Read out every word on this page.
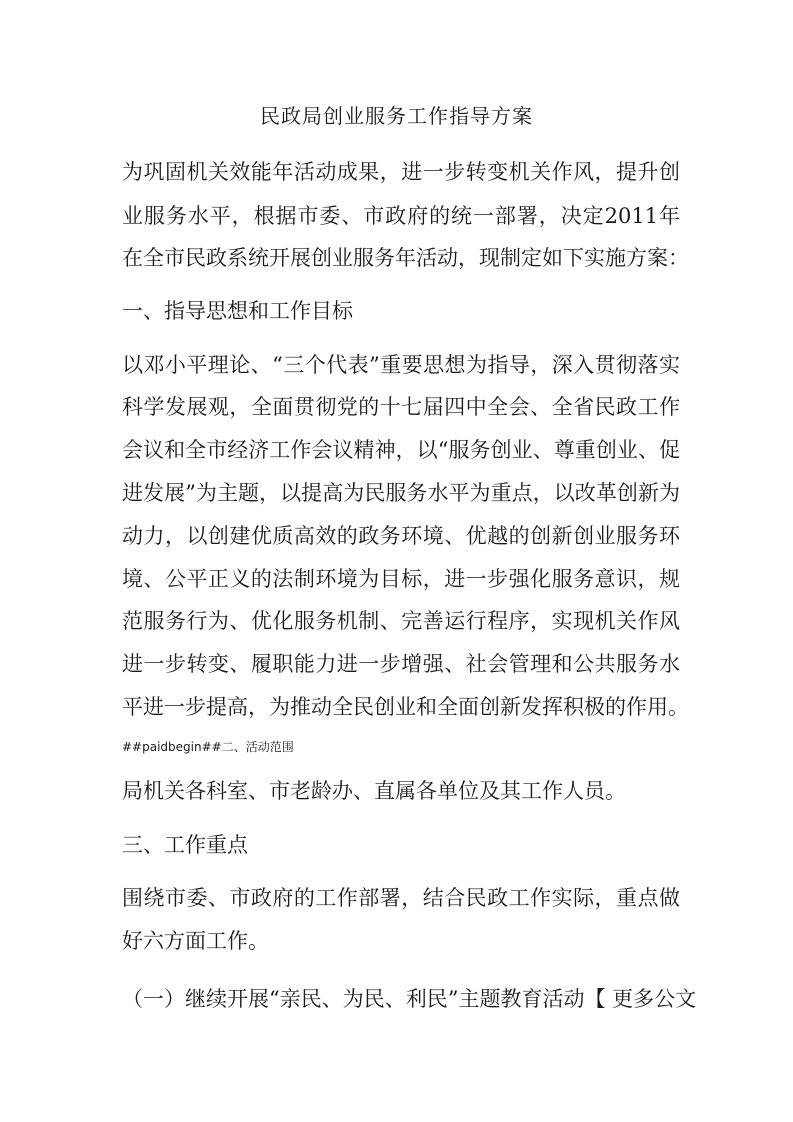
民政局创业服务工作指导方案
为巩固机关效能年活动成果，进一步转变机关作风，提升创
业服务水平，根据市委、市政府的统一部署，决定2011年
在全市民政系统开展创业服务年活动，现制定如下实施方案：
一、指导思想和工作目标
以邓小平理论、“三个代表”重要思想为指导，深入贯彻落实
科学发展观，全面贯彻党的十七届四中全会、全省民政工作
会议和全市经济工作会议精神，以“服务创业、尊重创业、促
进发展”为主题，以提高为民服务水平为重点，以改革创新为
动力，以创建优质高效的政务环境、优越的创新创业服务环
境、公平正义的法制环境为目标，进一步强化服务意识，规
范服务行为、优化服务机制、完善运行程序，实现机关作风
进一步转变、履职能力进一步增强、社会管理和公共服务水
平进一步提高，为推动全民创业和全面创新发挥积极的作用。
##paidbegin##二、活动范围
局机关各科室、市老龄办、直属各单位及其工作人员。
三、工作重点
围绕市委、市政府的工作部署，结合民政工作实际，重点做
好六方面工作。
（一）继续开展“亲民、为民、利民”主题教育活动【 更多公文
